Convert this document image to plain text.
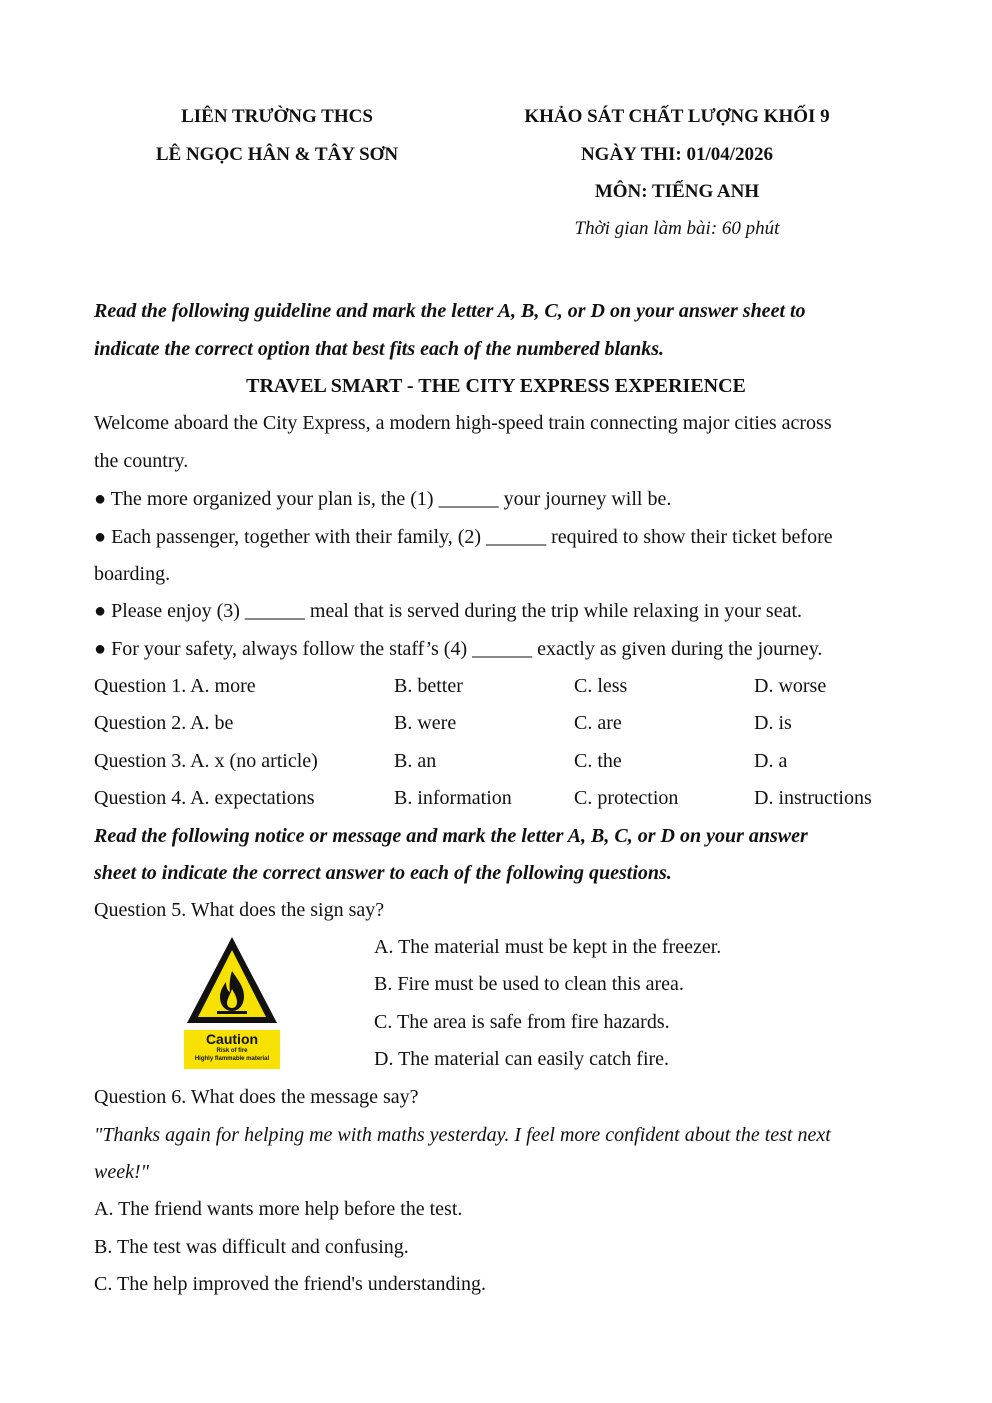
LIÊN TRƯỜNG THCS
LÊ NGỌC HÂN & TÂY SƠN
KHẢO SÁT CHẤT LƯỢNG KHỐI 9
NGÀY THI: 01/04/2026
MÔN: TIẾNG ANH
Thời gian làm bài: 60 phút
Read the following guideline and mark the letter A, B, C, or D on your answer sheet to
indicate the correct option that best fits each of the numbered blanks.
TRAVEL SMART - THE CITY EXPRESS EXPERIENCE
Welcome aboard the City Express, a modern high-speed train connecting major cities across
the country.
● The more organized your plan is, the (1) ______ your journey will be.
● Each passenger, together with their family, (2) ______ required to show their ticket before
boarding.
● Please enjoy (3) ______ meal that is served during the trip while relaxing in your seat.
● For your safety, always follow the staff’s (4) ______ exactly as given during the journey.
Question 1. A. more	B. better	C. less	D. worse
Question 2. A. be	B. were	C. are	D. is
Question 3. A. x (no article)	B. an	C. the	D. a
Question 4. A. expectations	B. information	C. protection	D. instructions
Read the following notice or message and mark the letter A, B, C, or D on your answer
sheet to indicate the correct answer to each of the following questions.
Question 5. What does the sign say?
Caution
Risk of fire
Highly flammable material
A. The material must be kept in the freezer.
B. Fire must be used to clean this area.
C. The area is safe from fire hazards.
D. The material can easily catch fire.
Question 6. What does the message say?
"Thanks again for helping me with maths yesterday. I feel more confident about the test next
week!"
A. The friend wants more help before the test.
B. The test was difficult and confusing.
C. The help improved the friend's understanding.
